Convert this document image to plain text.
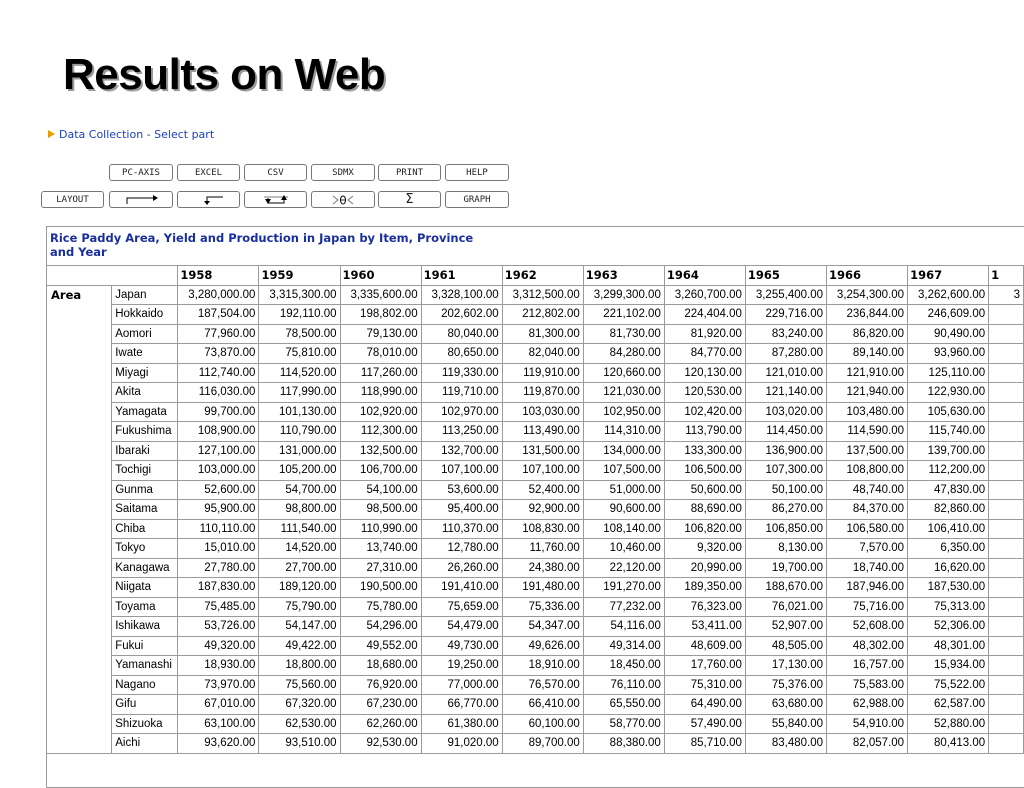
Results on Web
Data Collection - Select part
PC-AXIS	EXCEL	CSV	SDMX	PRINT	HELP
LAYOUT	Σ	GRAPH
Rice Paddy Area, Yield and Production in Japan by Item, Province and Year
		1958	1959	1960	1961	1962	1963	1964	1965	1966	1967	1
Area	Japan	3,280,000.00	3,315,300.00	3,335,600.00	3,328,100.00	3,312,500.00	3,299,300.00	3,260,700.00	3,255,400.00	3,254,300.00	3,262,600.00	3
	Hokkaido	187,504.00	192,110.00	198,802.00	202,602.00	212,802.00	221,102.00	224,404.00	229,716.00	236,844.00	246,609.00	
	Aomori	77,960.00	78,500.00	79,130.00	80,040.00	81,300.00	81,730.00	81,920.00	83,240.00	86,820.00	90,490.00	
	Iwate	73,870.00	75,810.00	78,010.00	80,650.00	82,040.00	84,280.00	84,770.00	87,280.00	89,140.00	93,960.00	
	Miyagi	112,740.00	114,520.00	117,260.00	119,330.00	119,910.00	120,660.00	120,130.00	121,010.00	121,910.00	125,110.00	
	Akita	116,030.00	117,990.00	118,990.00	119,710.00	119,870.00	121,030.00	120,530.00	121,140.00	121,940.00	122,930.00	
	Yamagata	99,700.00	101,130.00	102,920.00	102,970.00	103,030.00	102,950.00	102,420.00	103,020.00	103,480.00	105,630.00	
	Fukushima	108,900.00	110,790.00	112,300.00	113,250.00	113,490.00	114,310.00	113,790.00	114,450.00	114,590.00	115,740.00	
	Ibaraki	127,100.00	131,000.00	132,500.00	132,700.00	131,500.00	134,000.00	133,300.00	136,900.00	137,500.00	139,700.00	
	Tochigi	103,000.00	105,200.00	106,700.00	107,100.00	107,100.00	107,500.00	106,500.00	107,300.00	108,800.00	112,200.00	
	Gunma	52,600.00	54,700.00	54,100.00	53,600.00	52,400.00	51,000.00	50,600.00	50,100.00	48,740.00	47,830.00	
	Saitama	95,900.00	98,800.00	98,500.00	95,400.00	92,900.00	90,600.00	88,690.00	86,270.00	84,370.00	82,860.00	
	Chiba	110,110.00	111,540.00	110,990.00	110,370.00	108,830.00	108,140.00	106,820.00	106,850.00	106,580.00	106,410.00	
	Tokyo	15,010.00	14,520.00	13,740.00	12,780.00	11,760.00	10,460.00	9,320.00	8,130.00	7,570.00	6,350.00	
	Kanagawa	27,780.00	27,700.00	27,310.00	26,260.00	24,380.00	22,120.00	20,990.00	19,700.00	18,740.00	16,620.00	
	Niigata	187,830.00	189,120.00	190,500.00	191,410.00	191,480.00	191,270.00	189,350.00	188,670.00	187,946.00	187,530.00	
	Toyama	75,485.00	75,790.00	75,780.00	75,659.00	75,336.00	77,232.00	76,323.00	76,021.00	75,716.00	75,313.00	
	Ishikawa	53,726.00	54,147.00	54,296.00	54,479.00	54,347.00	54,116.00	53,411.00	52,907.00	52,608.00	52,306.00	
	Fukui	49,320.00	49,422.00	49,552.00	49,730.00	49,626.00	49,314.00	48,609.00	48,505.00	48,302.00	48,301.00	
	Yamanashi	18,930.00	18,800.00	18,680.00	19,250.00	18,910.00	18,450.00	17,760.00	17,130.00	16,757.00	15,934.00	
	Nagano	73,970.00	75,560.00	76,920.00	77,000.00	76,570.00	76,110.00	75,310.00	75,376.00	75,583.00	75,522.00	
	Gifu	67,010.00	67,320.00	67,230.00	66,770.00	66,410.00	65,550.00	64,490.00	63,680.00	62,988.00	62,587.00	
	Shizuoka	63,100.00	62,530.00	62,260.00	61,380.00	60,100.00	58,770.00	57,490.00	55,840.00	54,910.00	52,880.00	
	Aichi	93,620.00	93,510.00	92,530.00	91,020.00	89,700.00	88,380.00	85,710.00	83,480.00	82,057.00	80,413.00	
